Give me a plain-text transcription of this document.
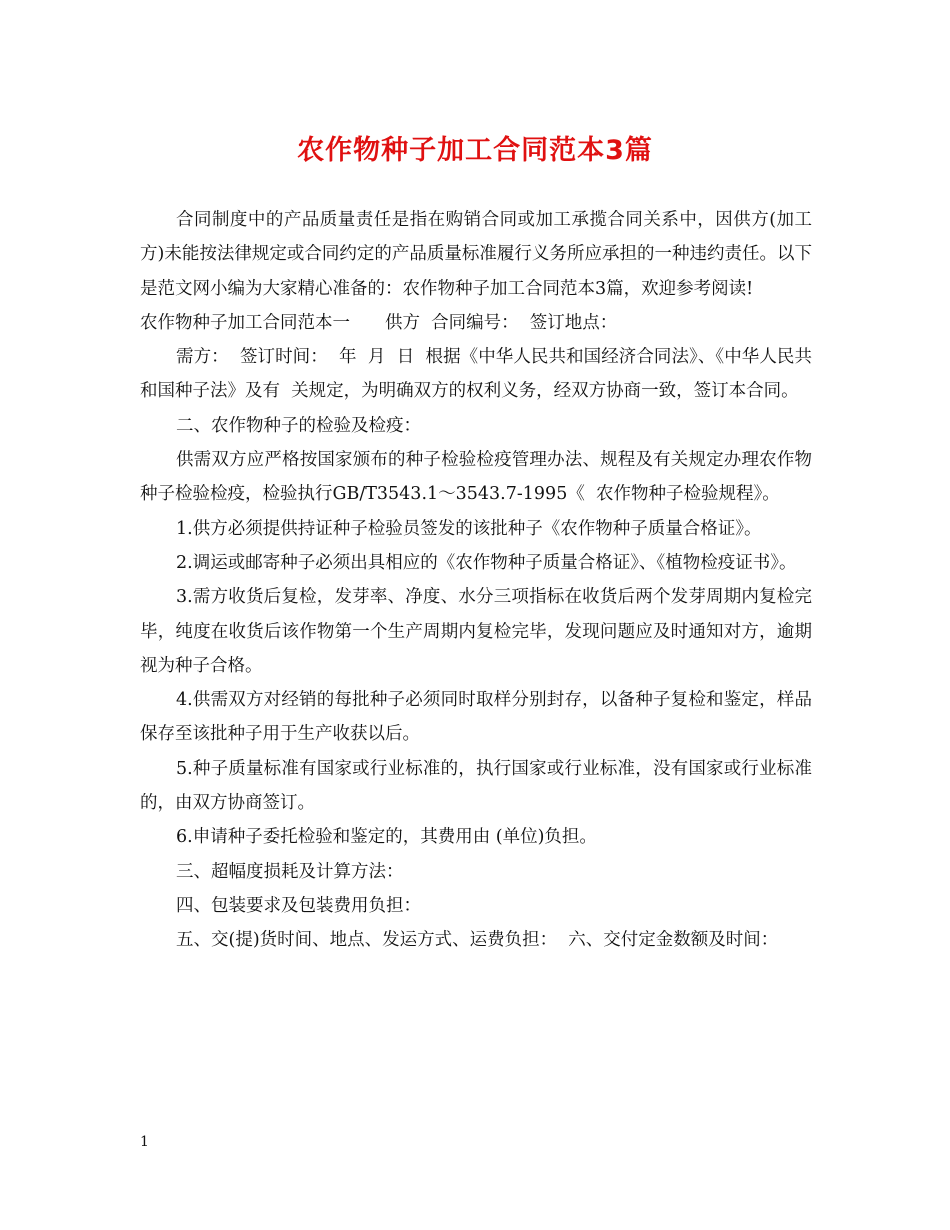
农作物种子加工合同范本3篇

合同制度中的产品质量责任是指在购销合同或加工承揽合同关系中，因供方(加工方)未能按法律规定或合同约定的产品质量标准履行义务所应承担的一种违约责任。以下是范文网小编为大家精心准备的：农作物种子加工合同范本3篇，欢迎参考阅读!

农作物种子加工合同范本一　　供方  合同编号：  签订地点：

需方：  签订时间：  年  月  日  根据《中华人民共和国经济合同法》、《中华人民共和国种子法》及有  关规定，为明确双方的权利义务，经双方协商一致，签订本合同。

二、农作物种子的检验及检疫：

供需双方应严格按国家颁布的种子检验检疫管理办法、规程及有关规定办理农作物种子检验检疫，检验执行GB/T3543.1～3543.7-1995《  农作物种子检验规程》。

1.供方必须提供持证种子检验员签发的该批种子《农作物种子质量合格证》。

2.调运或邮寄种子必须出具相应的《农作物种子质量合格证》、《植物检疫证书》。

3.需方收货后复检，发芽率、净度、水分三项指标在收货后两个发芽周期内复检完毕，纯度在收货后该作物第一个生产周期内复检完毕，发现问题应及时通知对方，逾期视为种子合格。

4.供需双方对经销的每批种子必须同时取样分别封存，以备种子复检和鉴定，样品保存至该批种子用于生产收获以后。

5.种子质量标准有国家或行业标准的，执行国家或行业标准，没有国家或行业标准的，由双方协商签订。

6.申请种子委托检验和鉴定的，其费用由 (单位)负担。

三、超幅度损耗及计算方法：

四、包装要求及包装费用负担：

五、交(提)货时间、地点、发运方式、运费负担：  六、交付定金数额及时间：

1
